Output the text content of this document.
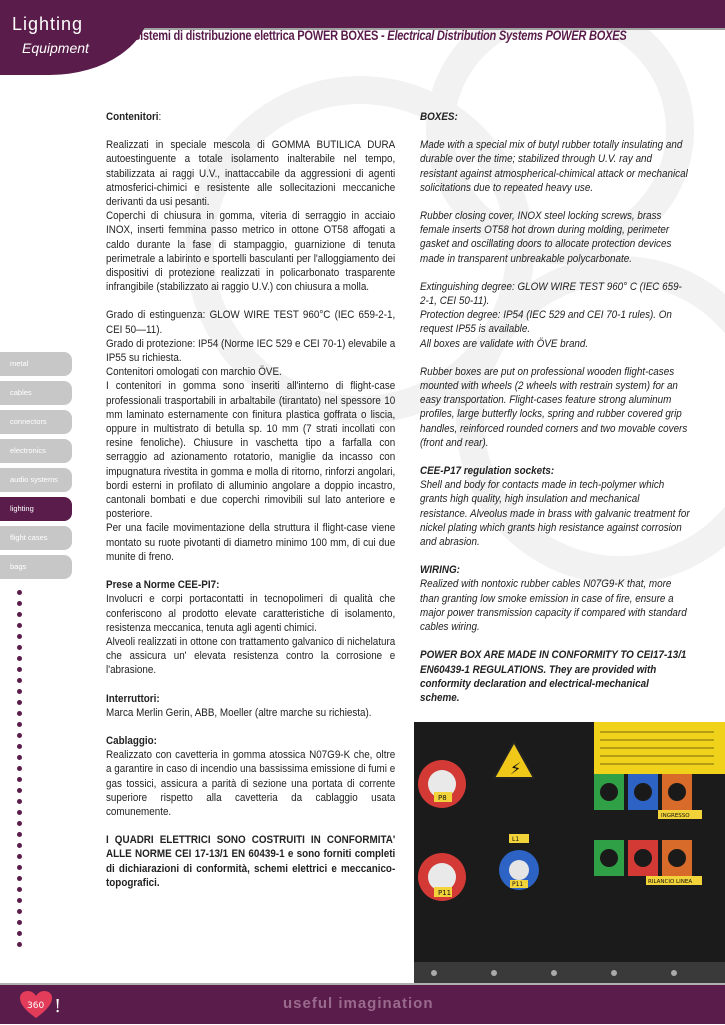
Lighting
Equipment
Sistemi di distribuzione elettrica POWER BOXES - Electrical Distribution Systems POWER BOXES
metal
cables
connectors
electronics
audio systems
lighting
flight cases
bags

Contenitori:

Realizzati in speciale mescola di GOMMA BUTILICA DURA autoestinguente a totale isolamento inalterabile nel tempo, stabilizzata ai raggi U.V., inattaccabile da aggressioni di agenti atmosferici-chimici e resistente alle sollecitazioni meccaniche derivanti da usi pesanti.

Coperchi di chiusura in gomma, viteria di serraggio in acciaio INOX, inserti femmina passo metrico in ottone OT58 affogati a caldo durante la fase di stampaggio, guarnizione di tenuta perimetrale a labirinto e sportelli basculanti per l'alloggiamento dei dispositivi di protezione realizzati in policarbonato trasparente infrangibile (stabilizzato ai raggio U.V.) con chiusura a molla.

Grado di estinguenza: GLOW WIRE TEST 960°C (IEC 659-2-1, CEI 50—11).

Grado di protezione: IP54 (Norme IEC 529 e CEI 70-1) elevabile a IP55 su richiesta.

Contenitori omologati con marchio ÖVE.

I contenitori in gomma sono inseriti all'interno di flight-case professionali trasportabili in arbaltabile (tirantato) nel spessore 10 mm laminato esternamente con finitura plastica goffrata o liscia, oppure in multistrato di betulla sp. 10 mm (7 strati incollati con resine fenoliche). Chiusure in vaschetta tipo a farfalla con serraggio ad azionamento rotatorio, maniglie da incasso con impugnatura rivestita in gomma e molla di ritorno, rinforzi angolari, bordi esterni in profilato di alluminio angolare a doppio incastro, cantonali bombati e due coperchi rimovibili sul lato anteriore e posteriore.

Per una facile movimentazione della struttura il flight-case viene montato su ruote pivotanti di diametro minimo 100 mm, di cui due munite di freno.

Prese a Norme CEE-PI7:

Involucri e corpi portacontatti in tecnopolimeri di qualità che conferiscono al prodotto elevate caratteristiche di isolamento, resistenza meccanica, tenuta agli agenti chimici.

Alveoli realizzati in ottone con trattamento galvanico di nichelatura che assicura un' elevata resistenza contro la corrosione e l'abrasione.

Interruttori:

Marca Merlin Gerin, ABB, Moeller (altre marche su richiesta).

Cablaggio:

Realizzato con cavetteria in gomma atossica N07G9-K che, oltre a garantire in caso di incendio una bassissima emissione di fumi e gas tossici, assicura a parità di sezione una portata di corrente superiore rispetto alla cavetteria da cablaggio usata comunemente.

I QUADRI ELETTRICI SONO COSTRUITI IN CONFORMITA' ALLE NORME CEI 17-13/1 EN 60439-1 e sono forniti completi di dichiarazioni di conformità, schemi elettrici e meccanico-topografici.

BOXES:

Made with a special mix of butyl rubber totally insulating and durable over the time; stabilized through U.V. ray and resistant against atmospherical-chimical attack or mechanical solicitations due to repeated heavy use.

Rubber closing cover, INOX steel locking screws, brass female inserts OT58 hot drown during molding, perimeter gasket and oscillating doors to allocate protection devices made in transparent unbreakable polycarbonate.

Extinguishing degree: GLOW WIRE TEST 960° C (IEC 659-2-1, CEI 50-11).

Protection degree: IP54 (IEC 529 and CEI 70-1 rules). On request IP55 is available.

All boxes are validate with ÖVE brand.

Rubber boxes are put on professional wooden flight-cases mounted with wheels (2 wheels with restrain system) for an easy transportation. Flight-cases feature strong aluminum profiles, large butterfly locks, spring and rubber covered grip handles, reinforced rounded corners and two movable covers (front and rear).

CEE-P17 regulation sockets:

Shell and body for contacts made in tech-polymer which grants high quality, high insulation and mechanical resistance. Alveolus made in brass with galvanic treatment for nickel plating which grants high resistance against corrosion and abrasion.

WIRING:

Realized with nontoxic rubber cables N07G9-K that, more than granting low smoke emission in case of fire, ensure a major power transmission capacity if compared with standard cables wiring.

POWER BOX ARE MADE IN CONFORMITY TO CEI17-13/1 EN60439-1 REGULATIONS. They are provided with conformity declaration and electrical-mechanical scheme.

⚡
P8
P11
L1
P11
INGRESSO
RILANCIO LINEA
360 !	useful imagination
